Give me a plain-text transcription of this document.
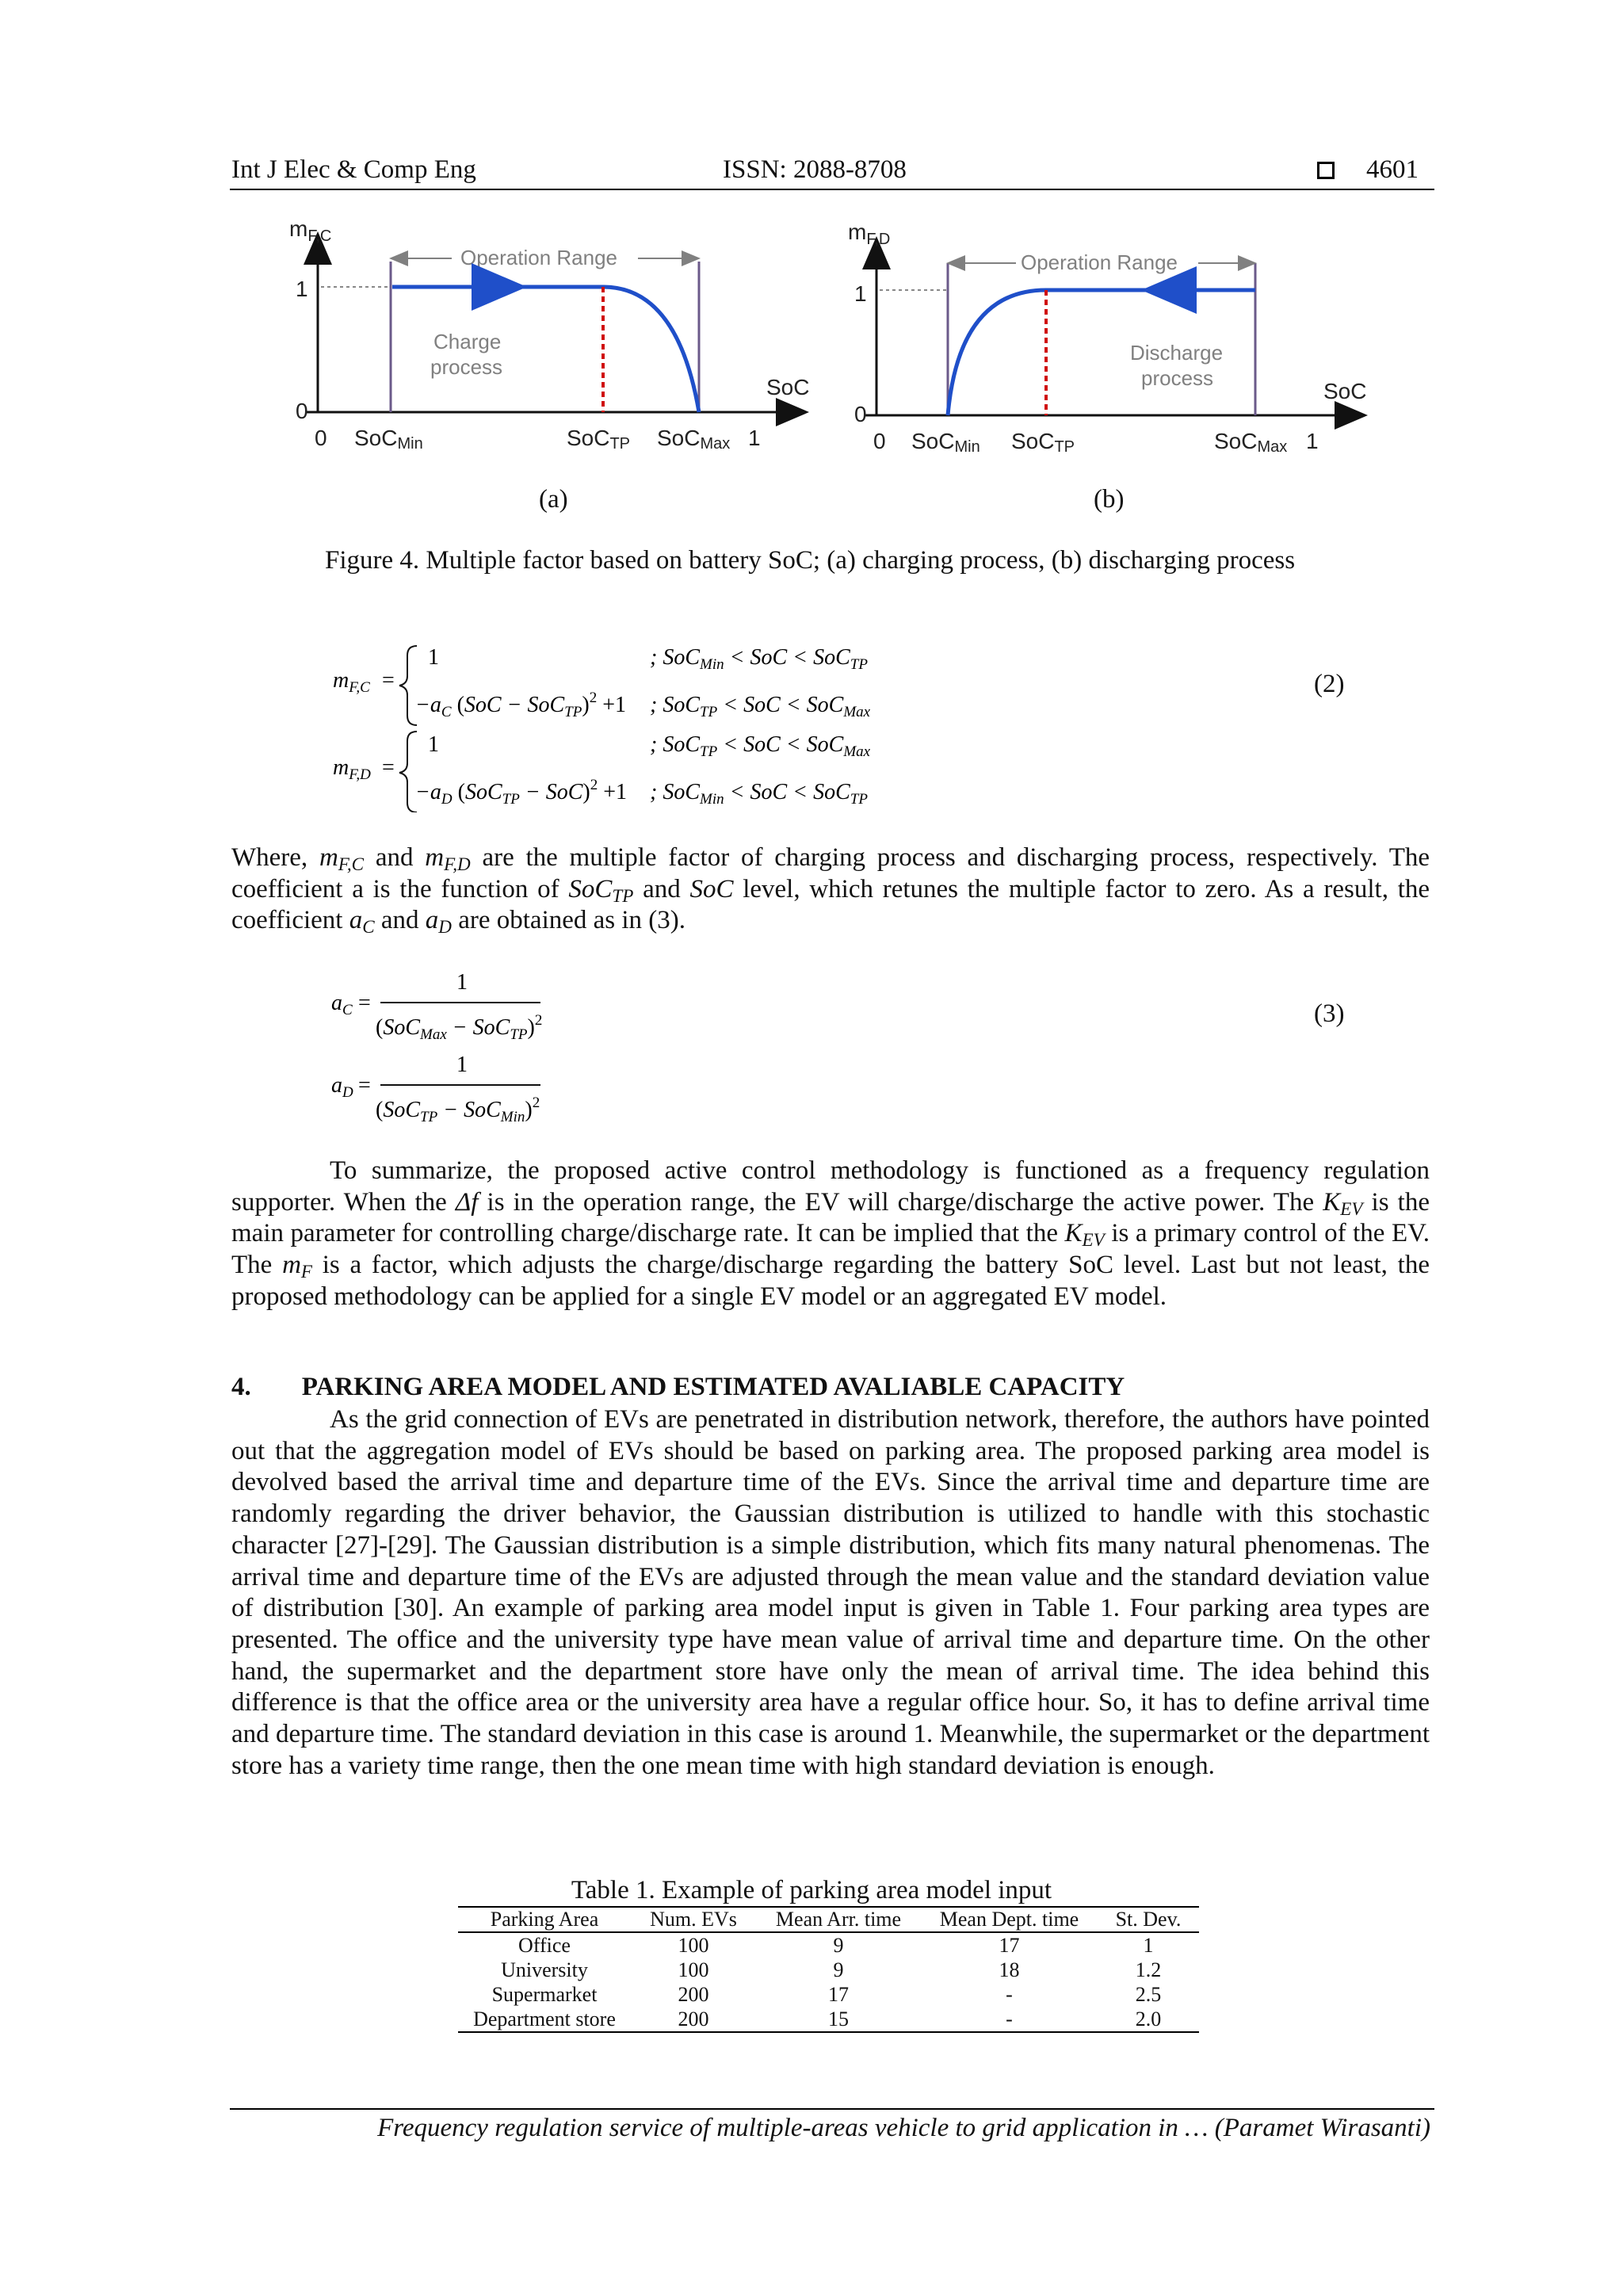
Int J Elec & Comp Eng	ISSN: 2088-8708	4601
$m_{F,C}$
1
0
0
Operation Range
Charge
process
SoC
SoCMin	SoCTP SoCMax 1
$m_{F,D}$
1
0
0
Operation Range
Discharge
process
SoC
SoCMin SoCTP	SoCMax 1
(a)	(b)
Figure 4. Multiple factor based on battery SoC; (a) charging process, (b) discharging process
$m_{F,C}$ =
1	; SoC$_{Min}$ < SoC < SoC$_{TP}$
$-a_C$ (SoC − SoC$_{TP}$)$^2$ +1 ; SoC$_{TP}$ < SoC < SoC$_{Max}$
$m_{F,D}$ =
1	; SoC$_{TP}$ < SoC < SoC$_{Max}$
$-a_D$ (SoC$_{TP}$ − SoC)$^2$ +1 ; SoC$_{Min}$ < SoC < SoC$_{TP}$
(2)
Where, $m_{F,C}$ and $m_{F,D}$ are the multiple factor of charging process and discharging process, respectively. The coefficient a is the function of SoC$_{TP}$ and SoC level, which retunes the multiple factor to zero. As a result, the coefficient $a_C$ and $a_D$ are obtained as in (3).
$a_C$ =
1
$(SoC_{Max} - SoC_{TP})^2$
$a_D$ =
1
$(SoC_{TP} - SoC_{Min})^2$
(3)
To summarize, the proposed active control methodology is functioned as a frequency regulation supporter. When the Δf is in the operation range, the EV will charge/discharge the active power. The $K_{EV}$ is the main parameter for controlling charge/discharge rate. It can be implied that the $K_{EV}$ is a primary control of the EV. The $m_F$ is a factor, which adjusts the charge/discharge regarding the battery SoC level. Last but not least, the proposed methodology can be applied for a single EV model or an aggregated EV model.
4. PARKING AREA MODEL AND ESTIMATED AVALIABLE CAPACITY
As the grid connection of EVs are penetrated in distribution network, therefore, the authors have pointed out that the aggregation model of EVs should be based on parking area. The proposed parking area model is devolved based the arrival time and departure time of the EVs. Since the arrival time and departure time are randomly regarding the driver behavior, the Gaussian distribution is utilized to handle with this stochastic character [27]-[29]. The Gaussian distribution is a simple distribution, which fits many natural phenomenas. The arrival time and departure time of the EVs are adjusted through the mean value and the standard deviation value of distribution [30]. An example of parking area model input is given in Table 1. Four parking area types are presented. The office and the university type have mean value of arrival time and departure time. On the other hand, the supermarket and the department store have only the mean of arrival time. The idea behind this difference is that the office area or the university area have a regular office hour. So, it has to define arrival time and departure time. The standard deviation in this case is around 1. Meanwhile, the supermarket or the department store has a variety time range, then the one mean time with high standard deviation is enough.
Table 1. Example of parking area model input
Parking Area	Num. EVs	Mean Arr. time	Mean Dept. time	St. Dev.
Office	100	9	17	1
University	100	9	18	1.2
Supermarket	200	17	-	2.5
Department store	200	15	-	2.0
Frequency regulation service of multiple-areas vehicle to grid application in … (Paramet Wirasanti)
